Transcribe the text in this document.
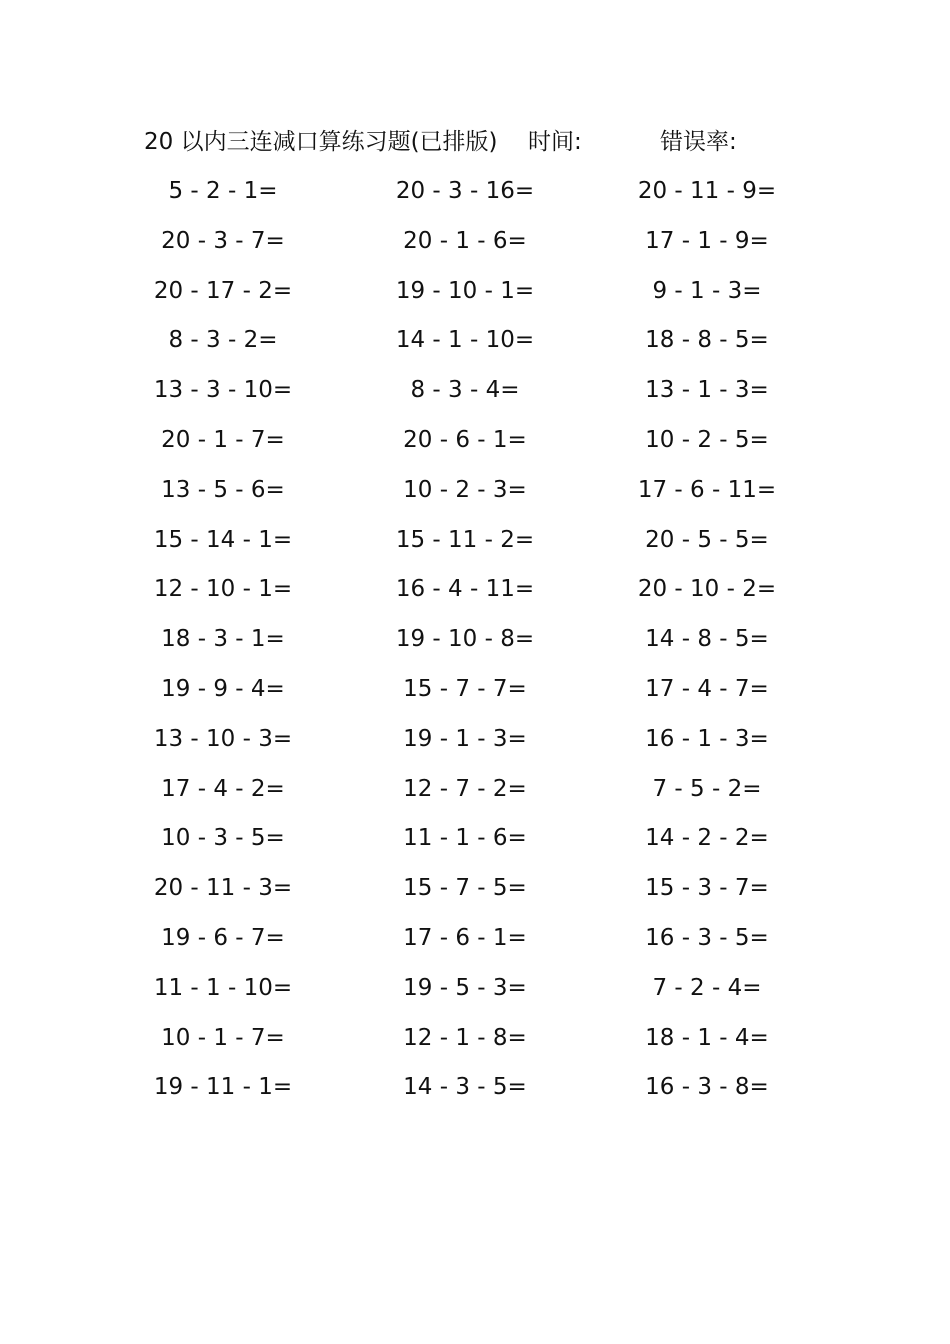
20 以内三连减口算练习题(已排版) 时间:	错误率:
5 - 2 - 1=	20 - 3 - 16=	20 - 11 - 9=
20 - 3 - 7=	20 - 1 - 6=	17 - 1 - 9=
20 - 17 - 2=	19 - 10 - 1=	9 - 1 - 3=
8 - 3 - 2=	14 - 1 - 10=	18 - 8 - 5=
13 - 3 - 10=	8 - 3 - 4=	13 - 1 - 3=
20 - 1 - 7=	20 - 6 - 1=	10 - 2 - 5=
13 - 5 - 6=	10 - 2 - 3=	17 - 6 - 11=
15 - 14 - 1=	15 - 11 - 2=	20 - 5 - 5=
12 - 10 - 1=	16 - 4 - 11=	20 - 10 - 2=
18 - 3 - 1=	19 - 10 - 8=	14 - 8 - 5=
19 - 9 - 4=	15 - 7 - 7=	17 - 4 - 7=
13 - 10 - 3=	19 - 1 - 3=	16 - 1 - 3=
17 - 4 - 2=	12 - 7 - 2=	7 - 5 - 2=
10 - 3 - 5=	11 - 1 - 6=	14 - 2 - 2=
20 - 11 - 3=	15 - 7 - 5=	15 - 3 - 7=
19 - 6 - 7=	17 - 6 - 1=	16 - 3 - 5=
11 - 1 - 10=	19 - 5 - 3=	7 - 2 - 4=
10 - 1 - 7=	12 - 1 - 8=	18 - 1 - 4=
19 - 11 - 1=	14 - 3 - 5=	16 - 3 - 8=
